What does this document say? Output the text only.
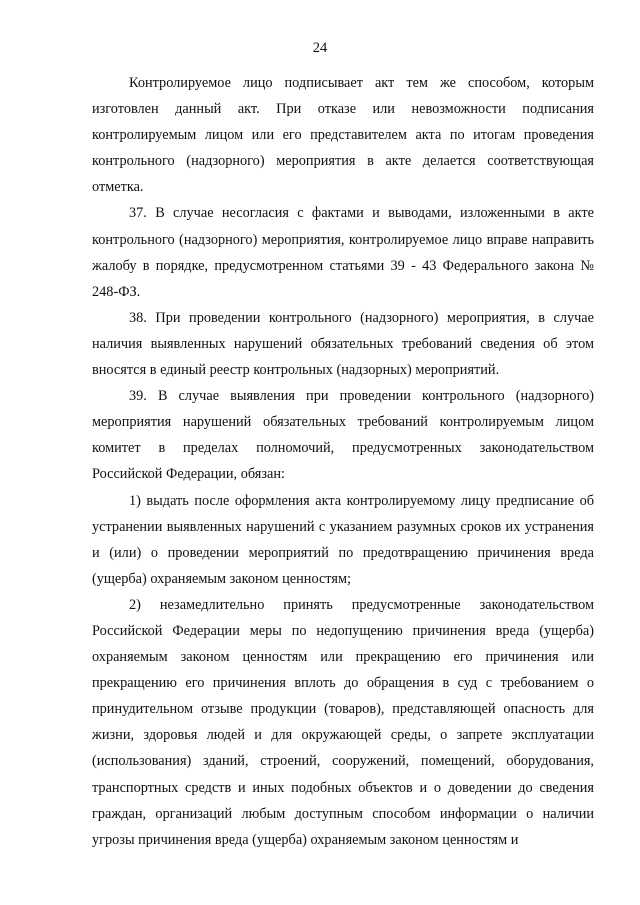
24

Контролируемое лицо подписывает акт тем же способом, которым изготовлен данный акт. При отказе или невозможности подписания контролируемым лицом или его представителем акта по итогам проведения контрольного (надзорного) мероприятия в акте делается соответствующая отметка.

37. В случае несогласия с фактами и выводами, изложенными в акте контрольного (надзорного) мероприятия, контролируемое лицо вправе направить жалобу в порядке, предусмотренном статьями 39 - 43 Федерального закона № 248-ФЗ.

38. При проведении контрольного (надзорного) мероприятия, в случае наличия выявленных нарушений обязательных требований сведения об этом вносятся в единый реестр контрольных (надзорных) мероприятий.

39. В случае выявления при проведении контрольного (надзорного) мероприятия нарушений обязательных требований контролируемым лицом комитет в пределах полномочий, предусмотренных законодательством Российской Федерации, обязан:

1) выдать после оформления акта контролируемому лицу предписание об устранении выявленных нарушений с указанием разумных сроков их устранения и (или) о проведении мероприятий по предотвращению причинения вреда (ущерба) охраняемым законом ценностям;

2) незамедлительно принять предусмотренные законодательством Российской Федерации меры по недопущению причинения вреда (ущерба) охраняемым законом ценностям или прекращению его причинения или прекращению его причинения вплоть до обращения в суд с требованием о принудительном отзыве продукции (товаров), представляющей опасность для жизни, здоровья людей и для окружающей среды, о запрете эксплуатации (использования) зданий, строений, сооружений, помещений, оборудования, транспортных средств и иных подобных объектов и о доведении до сведения граждан, организаций любым доступным способом информации о наличии угрозы причинения вреда (ущерба) охраняемым законом ценностям и
